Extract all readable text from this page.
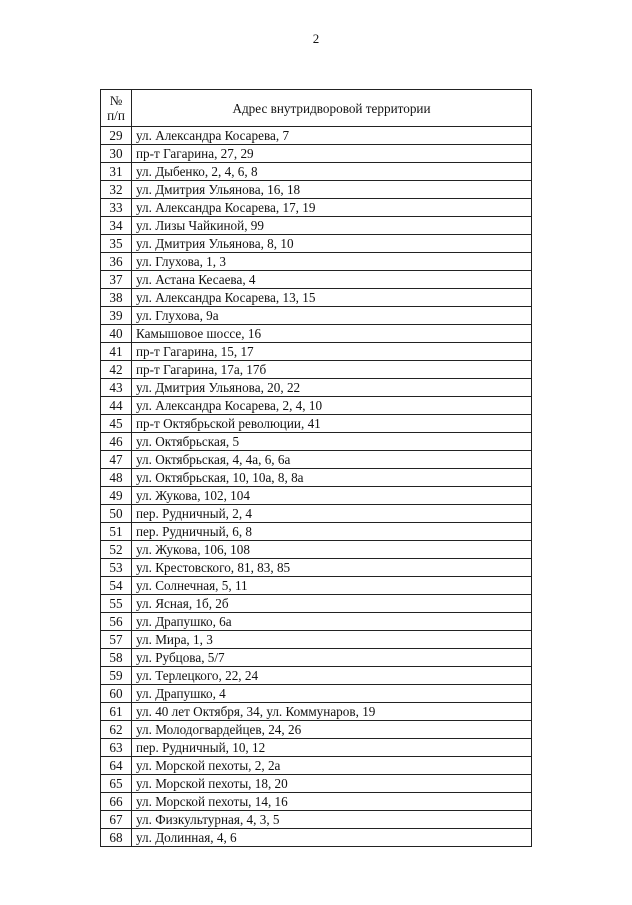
2
№
п/п	Адрес внутридворовой территории
29	ул. Александра Косарева, 7
30	пр-т Гагарина, 27, 29
31	ул. Дыбенко, 2, 4, 6, 8
32	ул. Дмитрия Ульянова, 16, 18
33	ул. Александра Косарева, 17, 19
34	ул. Лизы Чайкиной, 99
35	ул. Дмитрия Ульянова, 8, 10
36	ул. Глухова, 1, 3
37	ул. Астана Кесаева, 4
38	ул. Александра Косарева, 13, 15
39	ул. Глухова, 9а
40	Камышовое шоссе, 16
41	пр-т Гагарина, 15, 17
42	пр-т Гагарина, 17а, 17б
43	ул. Дмитрия Ульянова, 20, 22
44	ул. Александра Косарева, 2, 4, 10
45	пр-т Октябрьской революции, 41
46	ул. Октябрьская, 5
47	ул. Октябрьская, 4, 4а, 6, 6а
48	ул. Октябрьская, 10, 10а, 8, 8а
49	ул. Жукова, 102, 104
50	пер. Рудничный, 2, 4
51	пер. Рудничный, 6, 8
52	ул. Жукова, 106, 108
53	ул. Крестовского, 81, 83, 85
54	ул. Солнечная, 5, 11
55	ул. Ясная, 1б, 2б
56	ул. Драпушко, 6а
57	ул. Мира, 1, 3
58	ул. Рубцова, 5/7
59	ул. Терлецкого, 22, 24
60	ул. Драпушко, 4
61	ул. 40 лет Октября, 34, ул. Коммунаров, 19
62	ул. Молодогвардейцев, 24, 26
63	пер. Рудничный, 10, 12
64	ул. Морской пехоты, 2, 2а
65	ул. Морской пехоты, 18, 20
66	ул. Морской пехоты, 14, 16
67	ул. Физкультурная, 4, 3, 5
68	ул. Долинная, 4, 6
